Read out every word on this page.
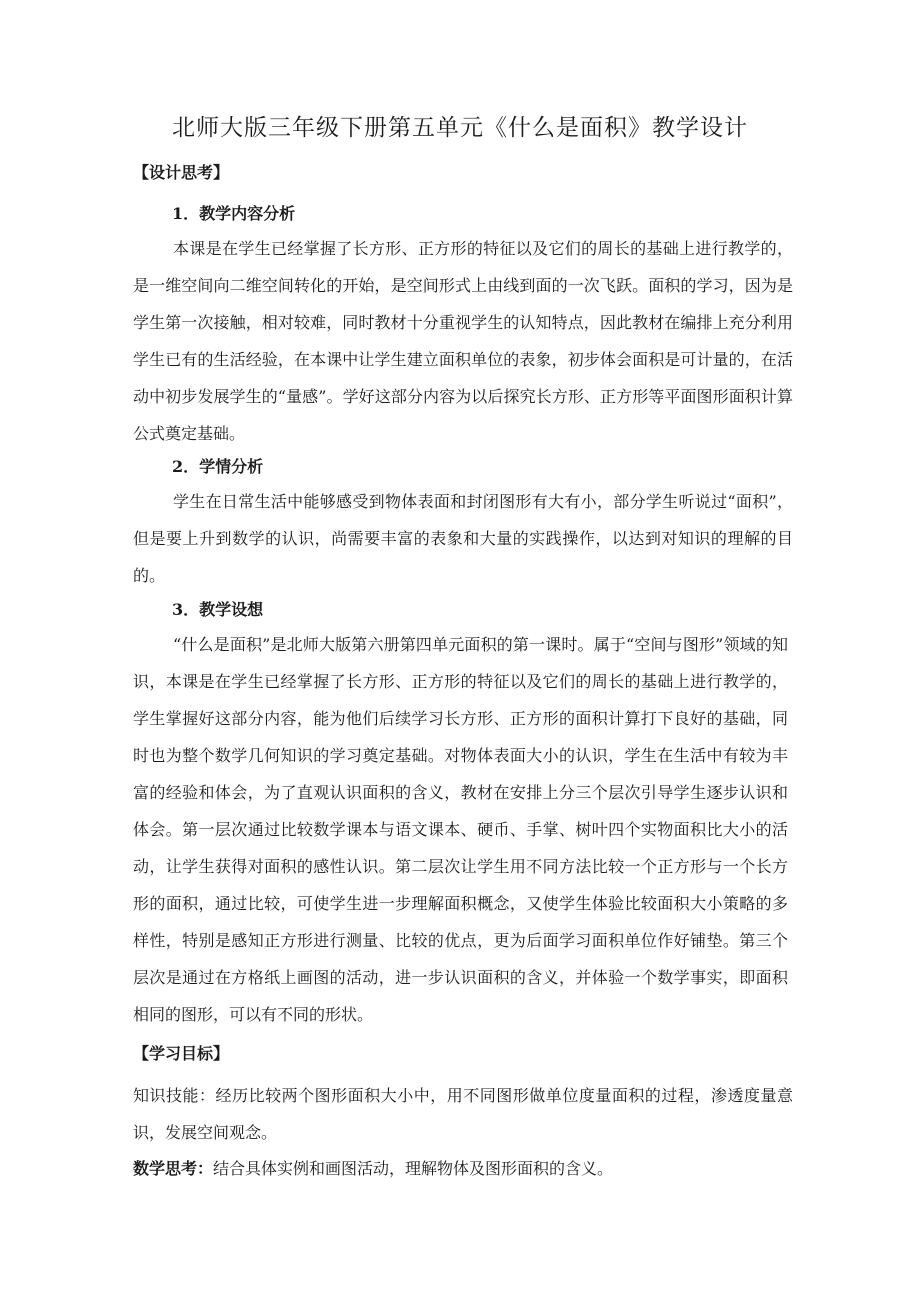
北师大版三年级下册第五单元《什么是面积》教学设计
【设计思考】
1．教学内容分析

本课是在学生已经掌握了长方形、正方形的特征以及它们的周长的基础上进行教学的，是一维空间向二维空间转化的开始，是空间形式上由线到面的一次飞跃。面积的学习，因为是学生第一次接触，相对较难，同时教材十分重视学生的认知特点，因此教材在编排上充分利用学生已有的生活经验，在本课中让学生建立面积单位的表象，初步体会面积是可计量的，在活动中初步发展学生的“量感”。学好这部分内容为以后探究长方形、正方形等平面图形面积计算公式奠定基础。

2．学情分析

学生在日常生活中能够感受到物体表面和封闭图形有大有小，部分学生听说过“面积”，但是要上升到数学的认识，尚需要丰富的表象和大量的实践操作，以达到对知识的理解的目的。

3．教学设想

“什么是面积”是北师大版第六册第四单元面积的第一课时。属于“空间与图形”领域的知识，本课是在学生已经掌握了长方形、正方形的特征以及它们的周长的基础上进行教学的，学生掌握好这部分内容，能为他们后续学习长方形、正方形的面积计算打下良好的基础，同时也为整个数学几何知识的学习奠定基础。对物体表面大小的认识，学生在生活中有较为丰富的经验和体会，为了直观认识面积的含义，教材在安排上分三个层次引导学生逐步认识和体会。第一层次通过比较数学课本与语文课本、硬币、手掌、树叶四个实物面积比大小的活动，让学生获得对面积的感性认识。第二层次让学生用不同方法比较一个正方形与一个长方形的面积，通过比较，可使学生进一步理解面积概念，又使学生体验比较面积大小策略的多样性，特别是感知正方形进行测量、比较的优点，更为后面学习面积单位作好铺垫。第三个层次是通过在方格纸上画图的活动，进一步认识面积的含义，并体验一个数学事实，即面积相同的图形，可以有不同的形状。

【学习目标】

知识技能：经历比较两个图形面积大小中，用不同图形做单位度量面积的过程，渗透度量意识，发展空间观念。

数学思考：结合具体实例和画图活动，理解物体及图形面积的含义。
